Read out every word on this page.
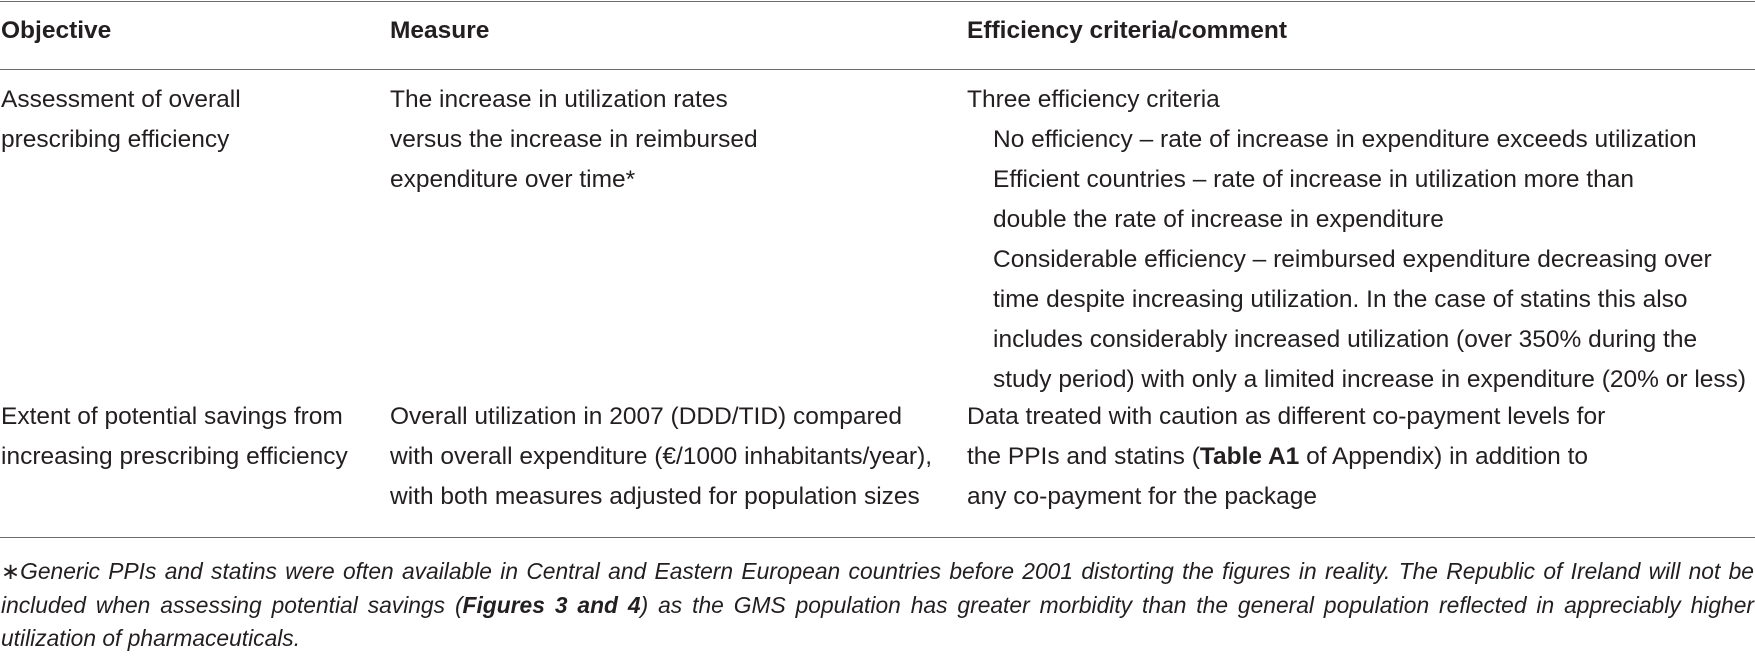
Objective	Measure	Efficiency criteria/comment
Assessment of overall
prescribing efficiency
The increase in utilization rates
versus the increase in reimbursed
expenditure over time*
Three efficiency criteria
No efficiency – rate of increase in expenditure exceeds utilization
Efficient countries – rate of increase in utilization more than
double the rate of increase in expenditure
Considerable efficiency – reimbursed expenditure decreasing over
time despite increasing utilization. In the case of statins this also
includes considerably increased utilization (over 350% during the
study period) with only a limited increase in expenditure (20% or less)
Extent of potential savings from
increasing prescribing efficiency
Overall utilization in 2007 (DDD/TID) compared
with overall expenditure (€/1000 inhabitants/year),
with both measures adjusted for population sizes
Data treated with caution as different co-payment levels for
the PPIs and statins (Table A1 of Appendix) in addition to
any co-payment for the package
∗Generic PPIs and statins were often available in Central and Eastern European countries before 2001 distorting the figures in reality. The Republic of Ireland will not be included when assessing potential savings (Figures 3 and 4) as the GMS population has greater morbidity than the general population reflected in appreciably higher utilization of pharmaceuticals.
